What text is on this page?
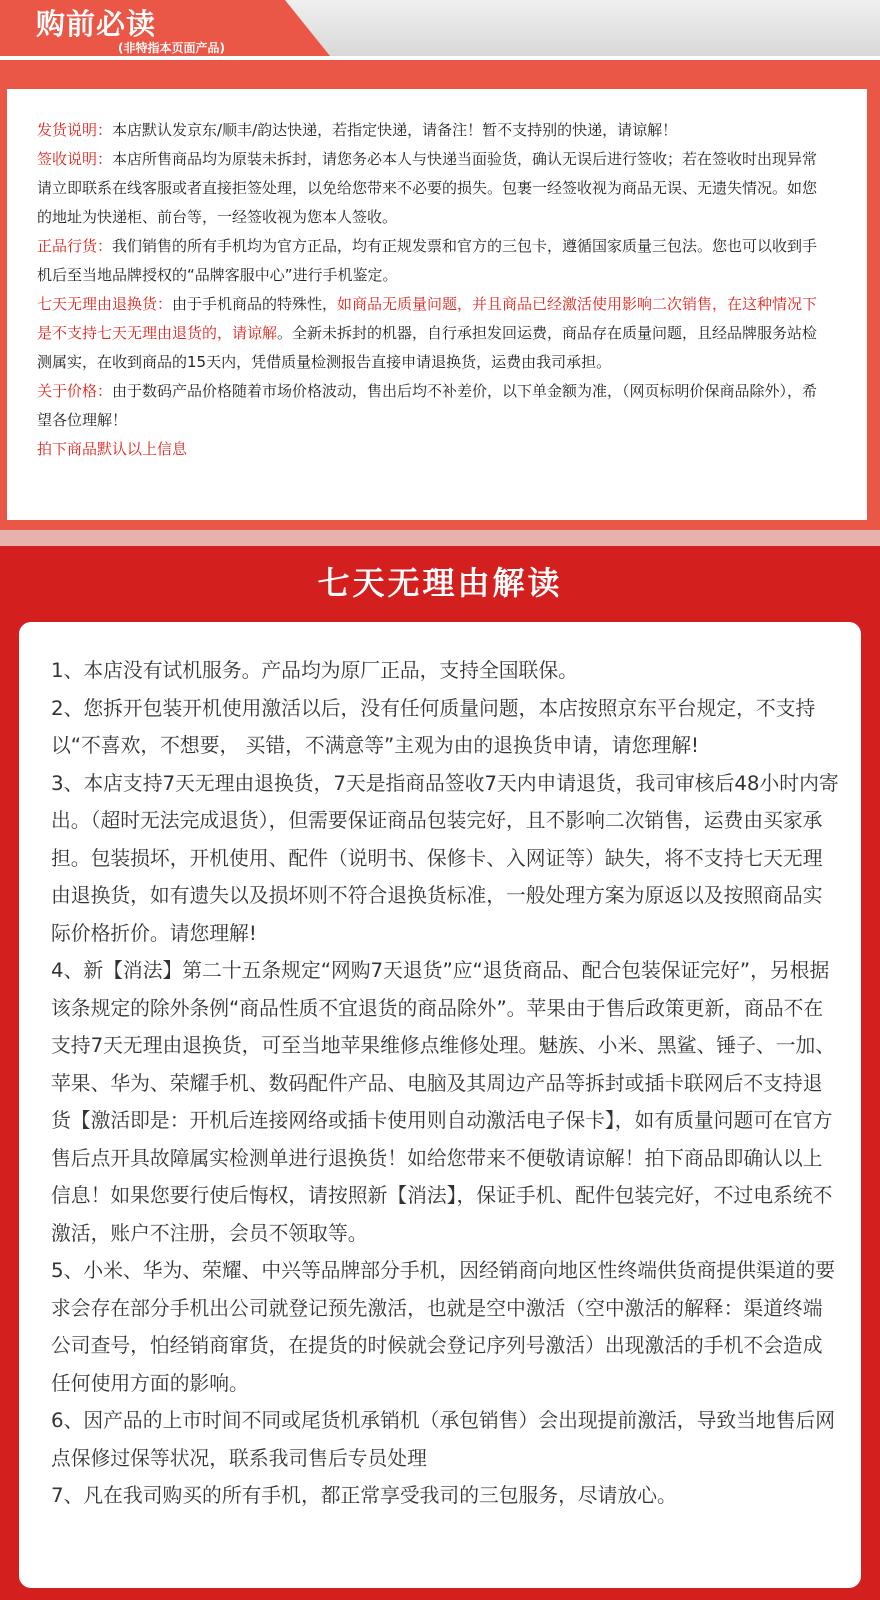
购前必读
(非特指本页面产品)

发货说明：本店默认发京东/顺丰/韵达快递，若指定快递，请备注！暂不支持别的快递，请谅解！

签收说明：本店所售商品均为原装未拆封，请您务必本人与快递当面验货，确认无误后进行签收；若在签收时出现异常请立即联系在线客服或者直接拒签处理，以免给您带来不必要的损失。包裹一经签收视为商品无误、无遗失情况。如您的地址为快递柜、前台等，一经签收视为您本人签收。

正品行货：我们销售的所有手机均为官方正品，均有正规发票和官方的三包卡，遵循国家质量三包法。您也可以收到手机后至当地品牌授权的“品牌客服中心”进行手机鉴定。

七天无理由退换货：由于手机商品的特殊性，如商品无质量问题，并且商品已经激活使用影响二次销售，在这种情况下是不支持七天无理由退货的，请谅解。全新未拆封的机器，自行承担发回运费，商品存在质量问题，且经品牌服务站检测属实，在收到商品的15天内，凭借质量检测报告直接申请退换货，运费由我司承担。

关于价格：由于数码产品价格随着市场价格波动，售出后均不补差价，以下单金额为准，（网页标明价保商品除外），希望各位理解！

拍下商品默认以上信息

七天无理由解读

1、本店没有试机服务。产品均为原厂正品，支持全国联保。

2、您拆开包装开机使用激活以后，没有任何质量问题，本店按照京东平台规定，不支持以“不喜欢，不想要， 买错，不满意等”主观为由的退换货申请，请您理解!

3、本店支持7天无理由退换货，7天是指商品签收7天内申请退货，我司审核后48小时内寄出。（超时无法完成退货），但需要保证商品包装完好，且不影响二次销售，运费由买家承担。包装损坏，开机使用、配件（说明书、保修卡、入网证等）缺失，将不支持七天无理由退换货，如有遗失以及损坏则不符合退换货标准，一般处理方案为原返以及按照商品实际价格折价。请您理解!

4、新【消法】第二十五条规定“网购7天退货”应“退货商品、配合包装保证完好”，另根据该条规定的除外条例“商品性质不宜退货的商品除外”。苹果由于售后政策更新，商品不在支持7天无理由退换货，可至当地苹果维修点维修处理。魅族、小米、黑鲨、锤子、一加、苹果、华为、荣耀手机、数码配件产品、电脑及其周边产品等拆封或插卡联网后不支持退货【激活即是：开机后连接网络或插卡使用则自动激活电子保卡】，如有质量问题可在官方售后点开具故障属实检测单进行退换货！如给您带来不便敬请谅解！拍下商品即确认以上信息！如果您要行使后悔权，请按照新【消法】，保证手机、配件包装完好，不过电系统不激活，账户不注册，会员不领取等。

5、小米、华为、荣耀、中兴等品牌部分手机，因经销商向地区性终端供货商提供渠道的要求会存在部分手机出公司就登记预先激活，也就是空中激活（空中激活的解释：渠道终端公司查号，怕经销商窜货，在提货的时候就会登记序列号激活）出现激活的手机不会造成任何使用方面的影响。

6、因产品的上市时间不同或尾货机承销机（承包销售）会出现提前激活，导致当地售后网点保修过保等状况，联系我司售后专员处理

7、凡在我司购买的所有手机，都正常享受我司的三包服务，尽请放心。
